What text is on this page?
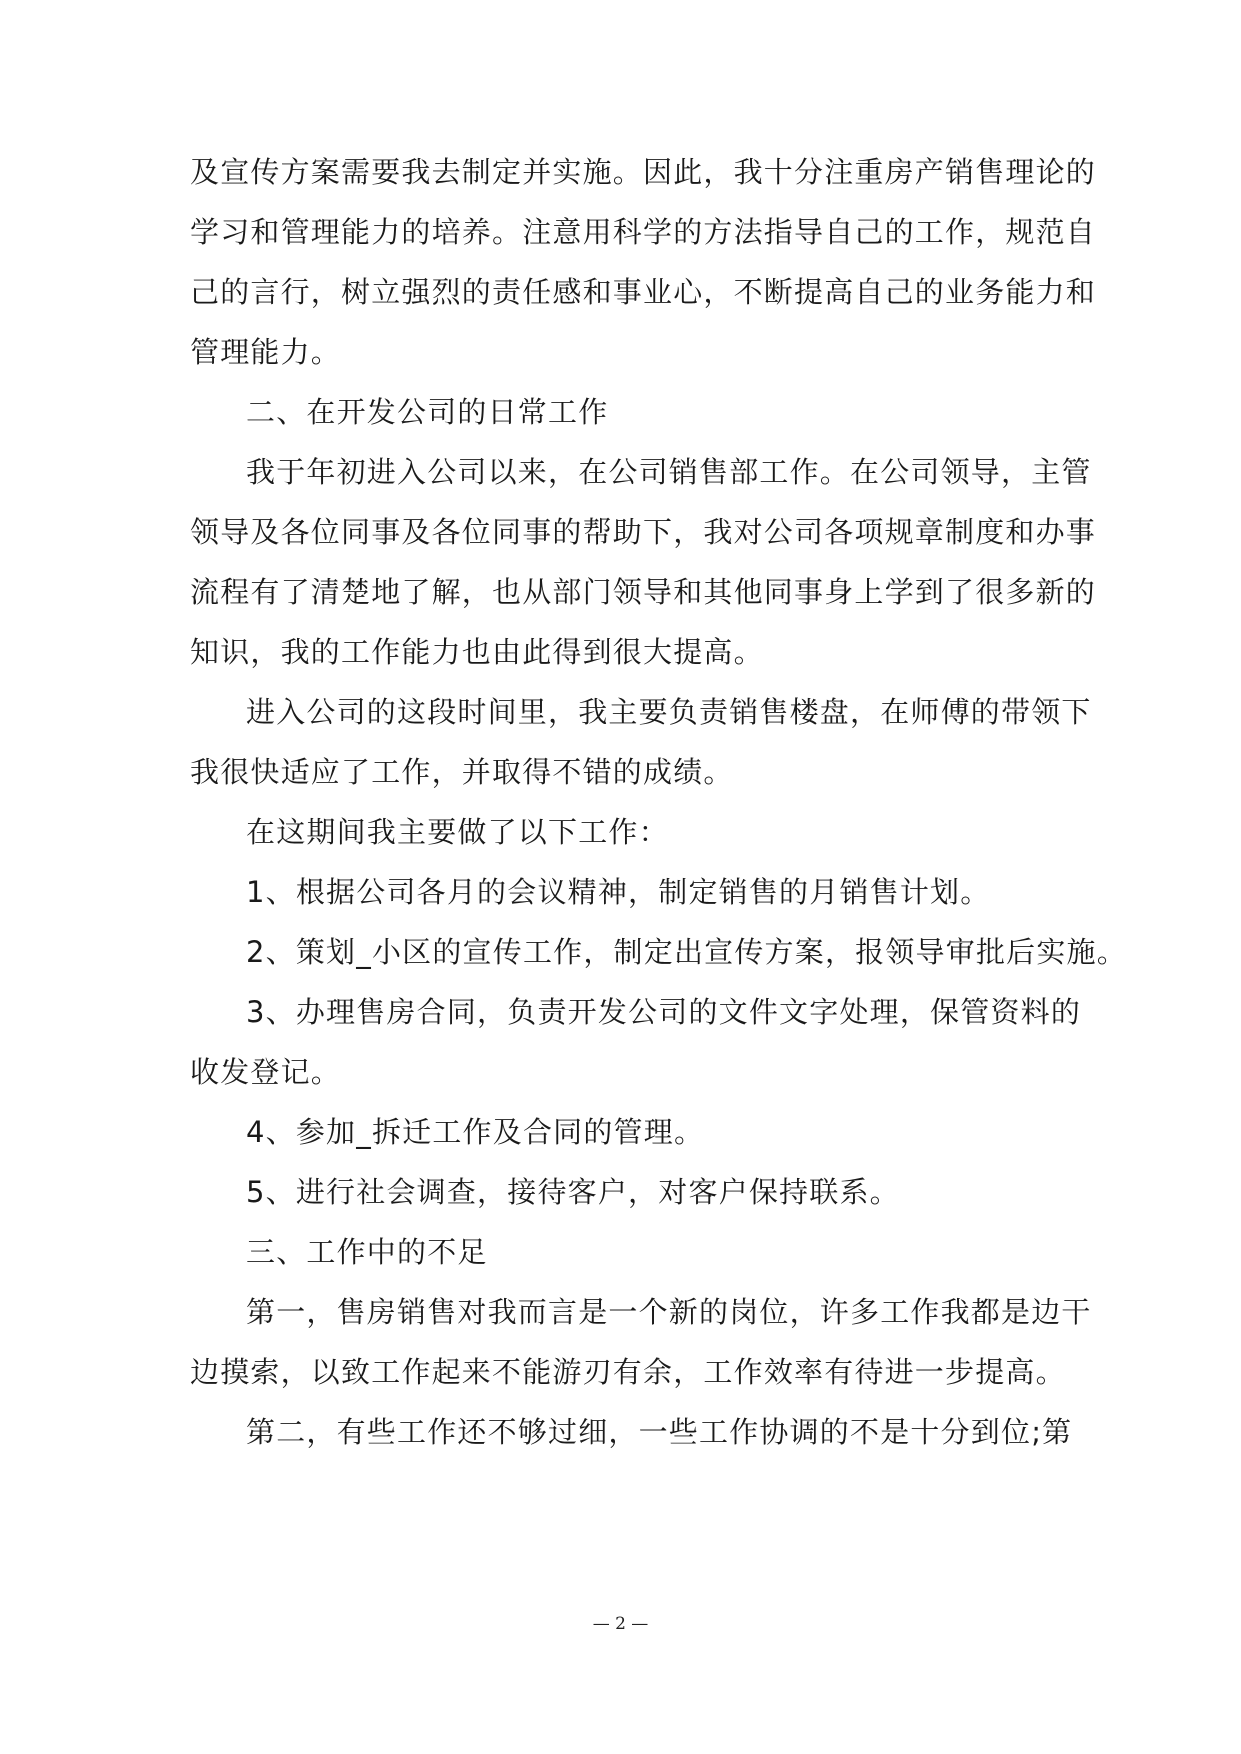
及宣传方案需要我去制定并实施。因此，我十分注重房产销售理论的
学习和管理能力的培养。注意用科学的方法指导自己的工作，规范自
己的言行，树立强烈的责任感和事业心，不断提高自己的业务能力和
管理能力。
二、在开发公司的日常工作
我于年初进入公司以来，在公司销售部工作。在公司领导，主管
领导及各位同事及各位同事的帮助下，我对公司各项规章制度和办事
流程有了清楚地了解，也从部门领导和其他同事身上学到了很多新的
知识，我的工作能力也由此得到很大提高。
进入公司的这段时间里，我主要负责销售楼盘，在师傅的带领下
我很快适应了工作，并取得不错的成绩。
在这期间我主要做了以下工作：
1、根据公司各月的会议精神，制定销售的月销售计划。
2、策划_小区的宣传工作，制定出宣传方案，报领导审批后实施。
3、办理售房合同，负责开发公司的文件文字处理，保管资料的
收发登记。
4、参加_拆迁工作及合同的管理。
5、进行社会调查，接待客户，对客户保持联系。
三、工作中的不足
第一，售房销售对我而言是一个新的岗位，许多工作我都是边干
边摸索，以致工作起来不能游刃有余，工作效率有待进一步提高。
第二，有些工作还不够过细，一些工作协调的不是十分到位;第
— 2 —
